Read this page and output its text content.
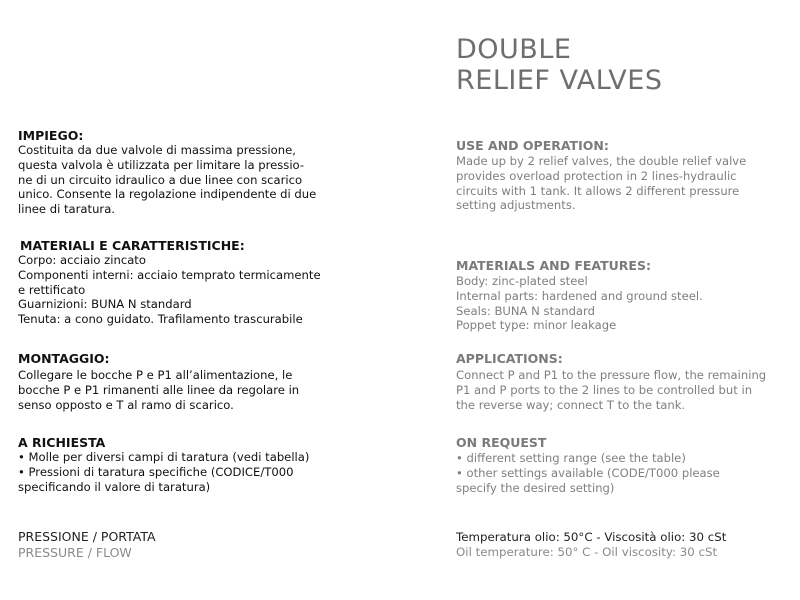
DOUBLE
RELIEF VALVES
IMPIEGO:
Costituita da due valvole di massima pressione,
questa valvola è utilizzata per limitare la pressio-
ne di un circuito idraulico a due linee con scarico
unico. Consente la regolazione indipendente di due
linee di taratura.
MATERIALI E CARATTERISTICHE:
Corpo: acciaio zincato
Componenti interni: acciaio temprato termicamente
e rettificato
Guarnizioni: BUNA N standard
Tenuta: a cono guidato. Trafilamento trascurabile
MONTAGGIO:
Collegare le bocche P e P1 all’alimentazione, le
bocche P e P1 rimanenti alle linee da regolare in
senso opposto e T al ramo di scarico.
A RICHIESTA
• Molle per diversi campi di taratura (vedi tabella)
• Pressioni di taratura specifiche (CODICE/T000
specificando il valore di taratura)
PRESSIONE / PORTATA
PRESSURE / FLOW
USE AND OPERATION:
Made up by 2 relief valves, the double relief valve
provides overload protection in 2 lines-hydraulic
circuits with 1 tank. It allows 2 different pressure
setting adjustments.
MATERIALS AND FEATURES:
Body: zinc-plated steel
Internal parts: hardened and ground steel.
Seals: BUNA N standard
Poppet type: minor leakage
APPLICATIONS:
Connect P and P1 to the pressure flow, the remaining
P1 and P ports to the 2 lines to be controlled but in
the reverse way; connect T to the tank.
ON REQUEST
• different setting range (see the table)
• other settings available (CODE/T000 please
specify the desired setting)
Temperatura olio: 50°C - Viscosità olio: 30 cSt
Oil temperature: 50° C - Oil viscosity: 30 cSt
